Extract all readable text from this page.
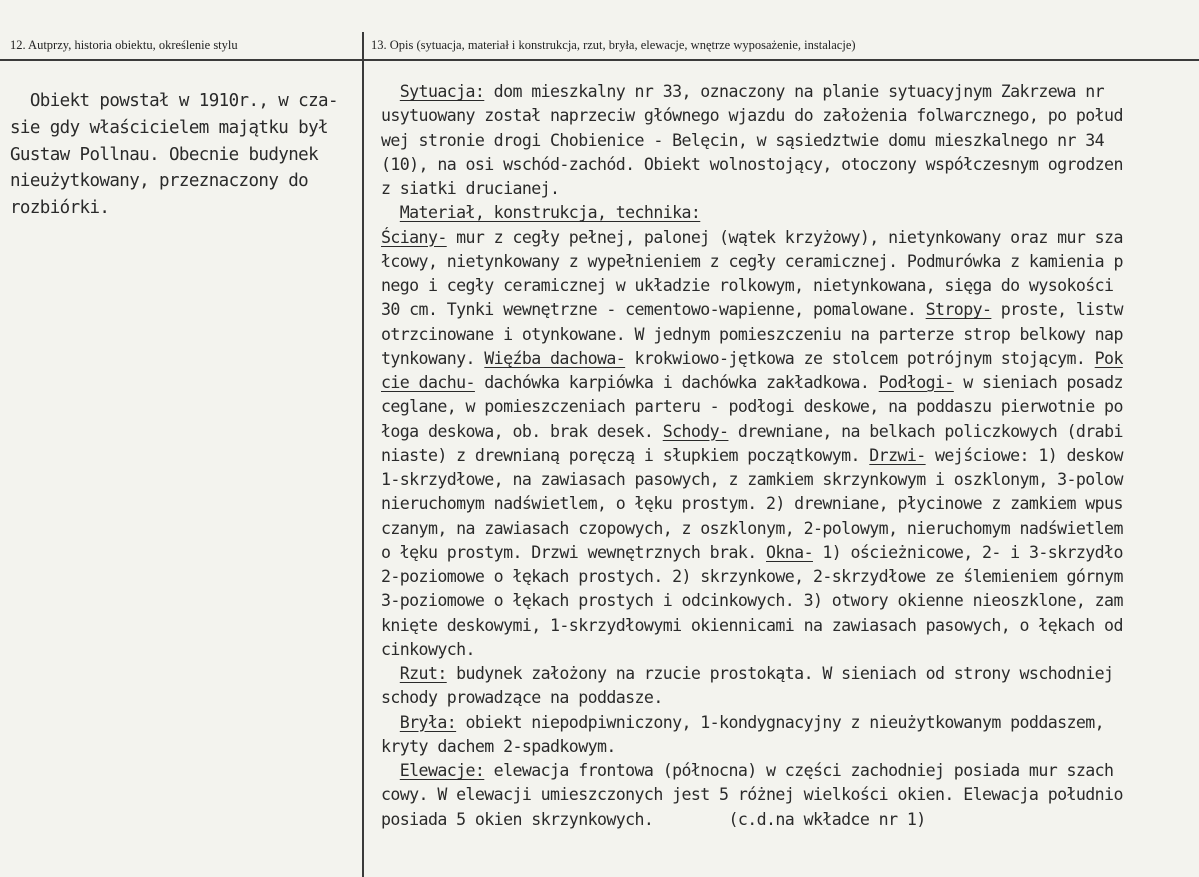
12. Autprzy, historia obiektu, określenie stylu	13. Opis (sytuacja, materiał i konstrukcja, rzut, bryła, elewacje, wnętrze wyposażenie, instalacje)
Obiekt powstał w 1910r., w cza-
sie gdy właścicielem majątku był
Gustaw Pollnau. Obecnie budynek
nieużytkowany, przeznaczony do
rozbiórki.
Sytuacja: dom mieszkalny nr 33, oznaczony na planie sytuacyjnym Zakrzewa nr
usytuowany został naprzeciw głównego wjazdu do założenia folwarcznego, po połud
wej stronie drogi Chobienice - Belęcin, w sąsiedztwie domu mieszkalnego nr 34
(10), na osi wschód-zachód. Obiekt wolnostojący, otoczony współczesnym ogrodzen
z siatki drucianej.
Materiał, konstrukcja, technika:
Ściany- mur z cegły pełnej, palonej (wątek krzyżowy), nietynkowany oraz mur sza
łcowy, nietynkowany z wypełnieniem z cegły ceramicznej. Podmurówka z kamienia p
nego i cegły ceramicznej w układzie rolkowym, nietynkowana, sięga do wysokości
30 cm. Tynki wewnętrzne - cementowo-wapienne, pomalowane. Stropy- proste, listw
otrzcinowane i otynkowane. W jednym pomieszczeniu na parterze strop belkowy nap
tynkowany. Więźba dachowa- krokwiowo-jętkowa ze stolcem potrójnym stojącym. Pok
cie dachu- dachówka karpiówka i dachówka zakładkowa. Podłogi- w sieniach posadz
ceglane, w pomieszczeniach parteru - podłogi deskowe, na poddaszu pierwotnie po
łoga deskowa, ob. brak desek. Schody- drewniane, na belkach policzkowych (drabi
niaste) z drewnianą poręczą i słupkiem początkowym. Drzwi- wejściowe: 1) deskow
1-skrzydłowe, na zawiasach pasowych, z zamkiem skrzynkowym i oszklonym, 3-polow
nieruchomym nadświetlem, o łęku prostym. 2) drewniane, płycinowe z zamkiem wpus
czanym, na zawiasach czopowych, z oszklonym, 2-polowym, nieruchomym nadświetlem
o łęku prostym. Drzwi wewnętrznych brak. Okna- 1) ościeżnicowe, 2- i 3-skrzydło
2-poziomowe o łękach prostych. 2) skrzynkowe, 2-skrzydłowe ze ślemieniem górnym
3-poziomowe o łękach prostych i odcinkowych. 3) otwory okienne nieoszklone, zam
knięte deskowymi, 1-skrzydłowymi okiennicami na zawiasach pasowych, o łękach od
cinkowych.
Rzut: budynek założony na rzucie prostokąta. W sieniach od strony wschodniej
schody prowadzące na poddasze.
Bryła: obiekt niepodpiwniczony, 1-kondygnacyjny z nieużytkowanym poddaszem,
kryty dachem 2-spadkowym.
Elewacje: elewacja frontowa (północna) w części zachodniej posiada mur szach
cowy. W elewacji umieszczonych jest 5 różnej wielkości okien. Elewacja południo
posiada 5 okien skrzynkowych.        (c.d.na wkładce nr 1)
